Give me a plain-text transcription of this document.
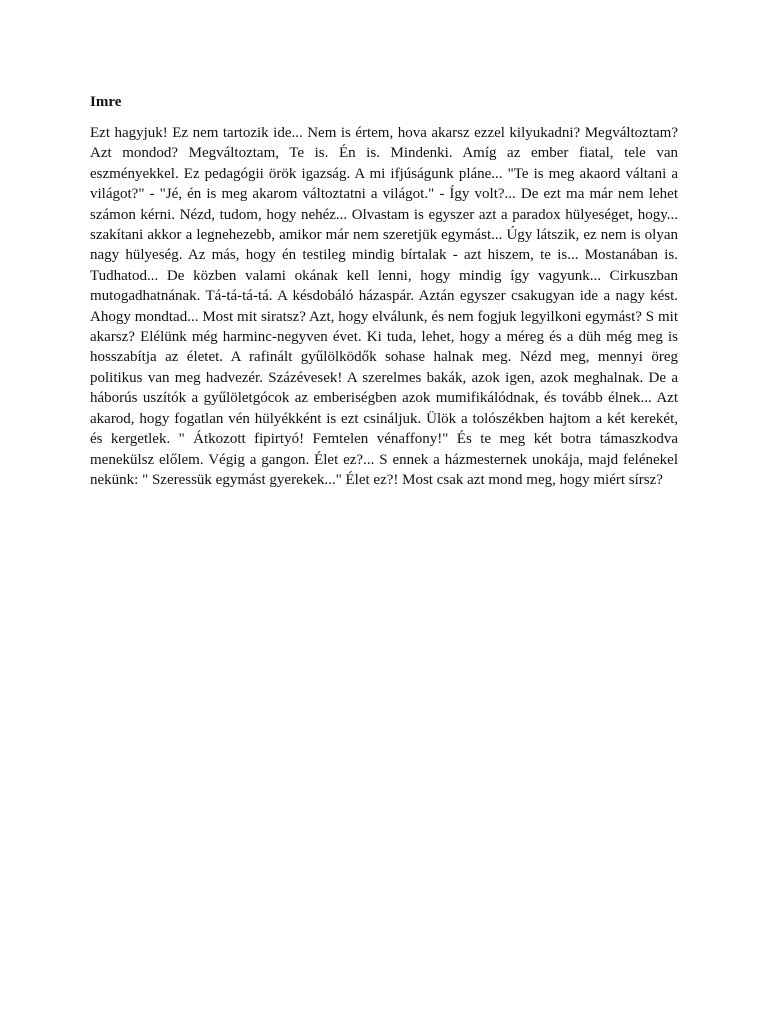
Imre

Ezt hagyjuk! Ez nem tartozik ide... Nem is értem, hova akarsz ezzel kilyukadni? Megváltoztam? Azt mondod? Megváltoztam, Te is. Én is. Mindenki. Amíg az ember fiatal, tele van eszményekkel. Ez pedagógii örök igazság. A mi ifjúságunk pláne... "Te is meg akaord váltani a világot?" - "Jé, én is meg akarom változtatni a világot." - Így volt?... De ezt ma már nem lehet számon kérni. Nézd, tudom, hogy nehéz... Olvastam is egyszer azt a paradox hülyeséget, hogy... szakítani akkor a legnehezebb, amikor már nem szeretjük egymást... Úgy látszik, ez nem is olyan nagy hülyeség. Az más, hogy én testileg mindig bírtalak - azt hiszem, te is... Mostanában is. Tudhatod... De közben valami okának kell lenni, hogy mindig így vagyunk... Cirkuszban mutogadhatnának. Tá-tá-tá-tá. A késdobáló házaspár. Aztán egyszer csakugyan ide a nagy kést. Ahogy mondtad... Most mit siratsz? Azt, hogy elválunk, és nem fogjuk legyilkoni egymást? S mit akarsz? Elélünk még harminc-negyven évet. Ki tuda, lehet, hogy a méreg és a düh még meg is hosszabítja az életet. A rafinált gyűlölködők sohase halnak meg. Nézd meg, mennyi öreg politikus van meg hadvezér. Százévesek! A szerelmes bakák, azok igen, azok meghalnak. De a háborús uszítók a gyűlöletgócok az emberiségben azok mumifikálódnak, és tovább élnek... Azt akarod, hogy fogatlan vén hülyékként is ezt csináljuk. Ülök a tolószékben hajtom a két kerekét, és kergetlek. " Átkozott fipirtyó! Femtelen vénaffony!" És te meg két botra támaszkodva menekülsz előlem. Végig a gangon. Élet ez?... S ennek a házmesternek unokája, majd felénekel nekünk: " Szeressük egymást gyerekek..." Élet ez?! Most csak azt mond meg, hogy miért sírsz?
